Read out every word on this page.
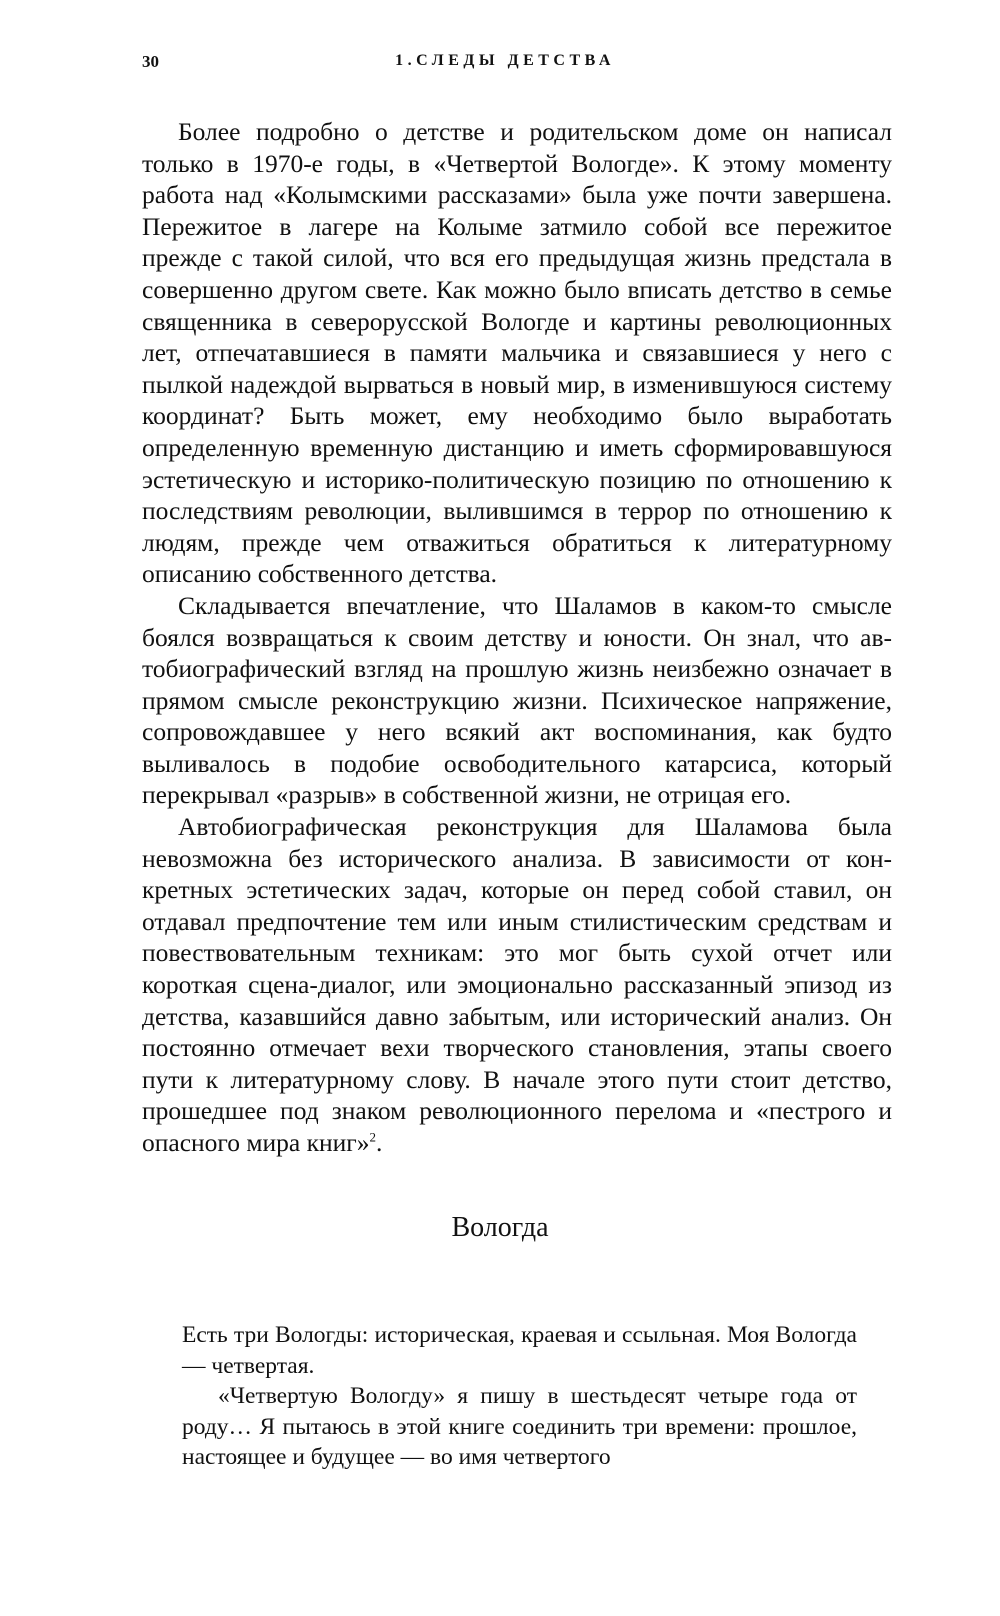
30	1.СЛЕДЫ ДЕТСТВА

Более подробно о детстве и родительском доме он написал только в 1970-е годы, в «Четвертой Вологде». К этому моменту работа над «Колымскими рассказами» была уже почти завершена. Пережитое в лагере на Колыме затмило собой все пережитое прежде с такой силой, что вся его предыдущая жизнь предстала в совершенно другом свете. Как можно было вписать детство в семье священника в северорусской Вологде и картины революционных лет, отпечатавшиеся в памяти мальчика и связавшиеся у него с пылкой надеждой вырваться в новый мир, в изменившуюся систему координат? Быть может, ему необходимо было выработать определенную временную дистанцию и иметь сформировавшуюся эстетическую и историко-политическую позицию по отношению к последствиям революции, вылившимся в террор по отношению к людям, прежде чем отважиться обратиться к литературному описанию собственного детства.

Складывается впечатление, что Шаламов в каком-то смысле боялся возвращаться к своим детству и юности. Он знал, что автобиографический взгляд на прошлую жизнь неизбежно означает в прямом смысле реконструкцию жизни. Психическое напряжение, сопровождавшее у него всякий акт воспоминания, как будто выливалось в подобие освободительного катарсиса, который перекрывал «разрыв» в собственной жизни, не отрицая его.

Автобиографическая реконструкция для Шаламова была невозможна без исторического анализа. В зависимости от конкретных эстетических задач, которые он перед собой ставил, он отдавал предпочтение тем или иным стилистическим средствам и повествовательным техникам: это мог быть сухой отчет или короткая сцена-диалог, или эмоционально рассказанный эпизод из детства, казавшийся давно забытым, или исторический анализ. Он постоянно отмечает вехи творческого становления, этапы своего пути к литературному слову. В начале этого пути стоит детство, прошедшее под знаком революционного перелома и «пестрого и опасного мира книг»$^2$.

Вологда

Есть три Вологды: историческая, краевая и ссыльная. Моя Вологда — четвертая.

«Четвертую Вологду» я пишу в шестьдесят четыре года от роду… Я пытаюсь в этой книге соединить три времени: прошлое, настоящее и будущее — во имя четвертого
